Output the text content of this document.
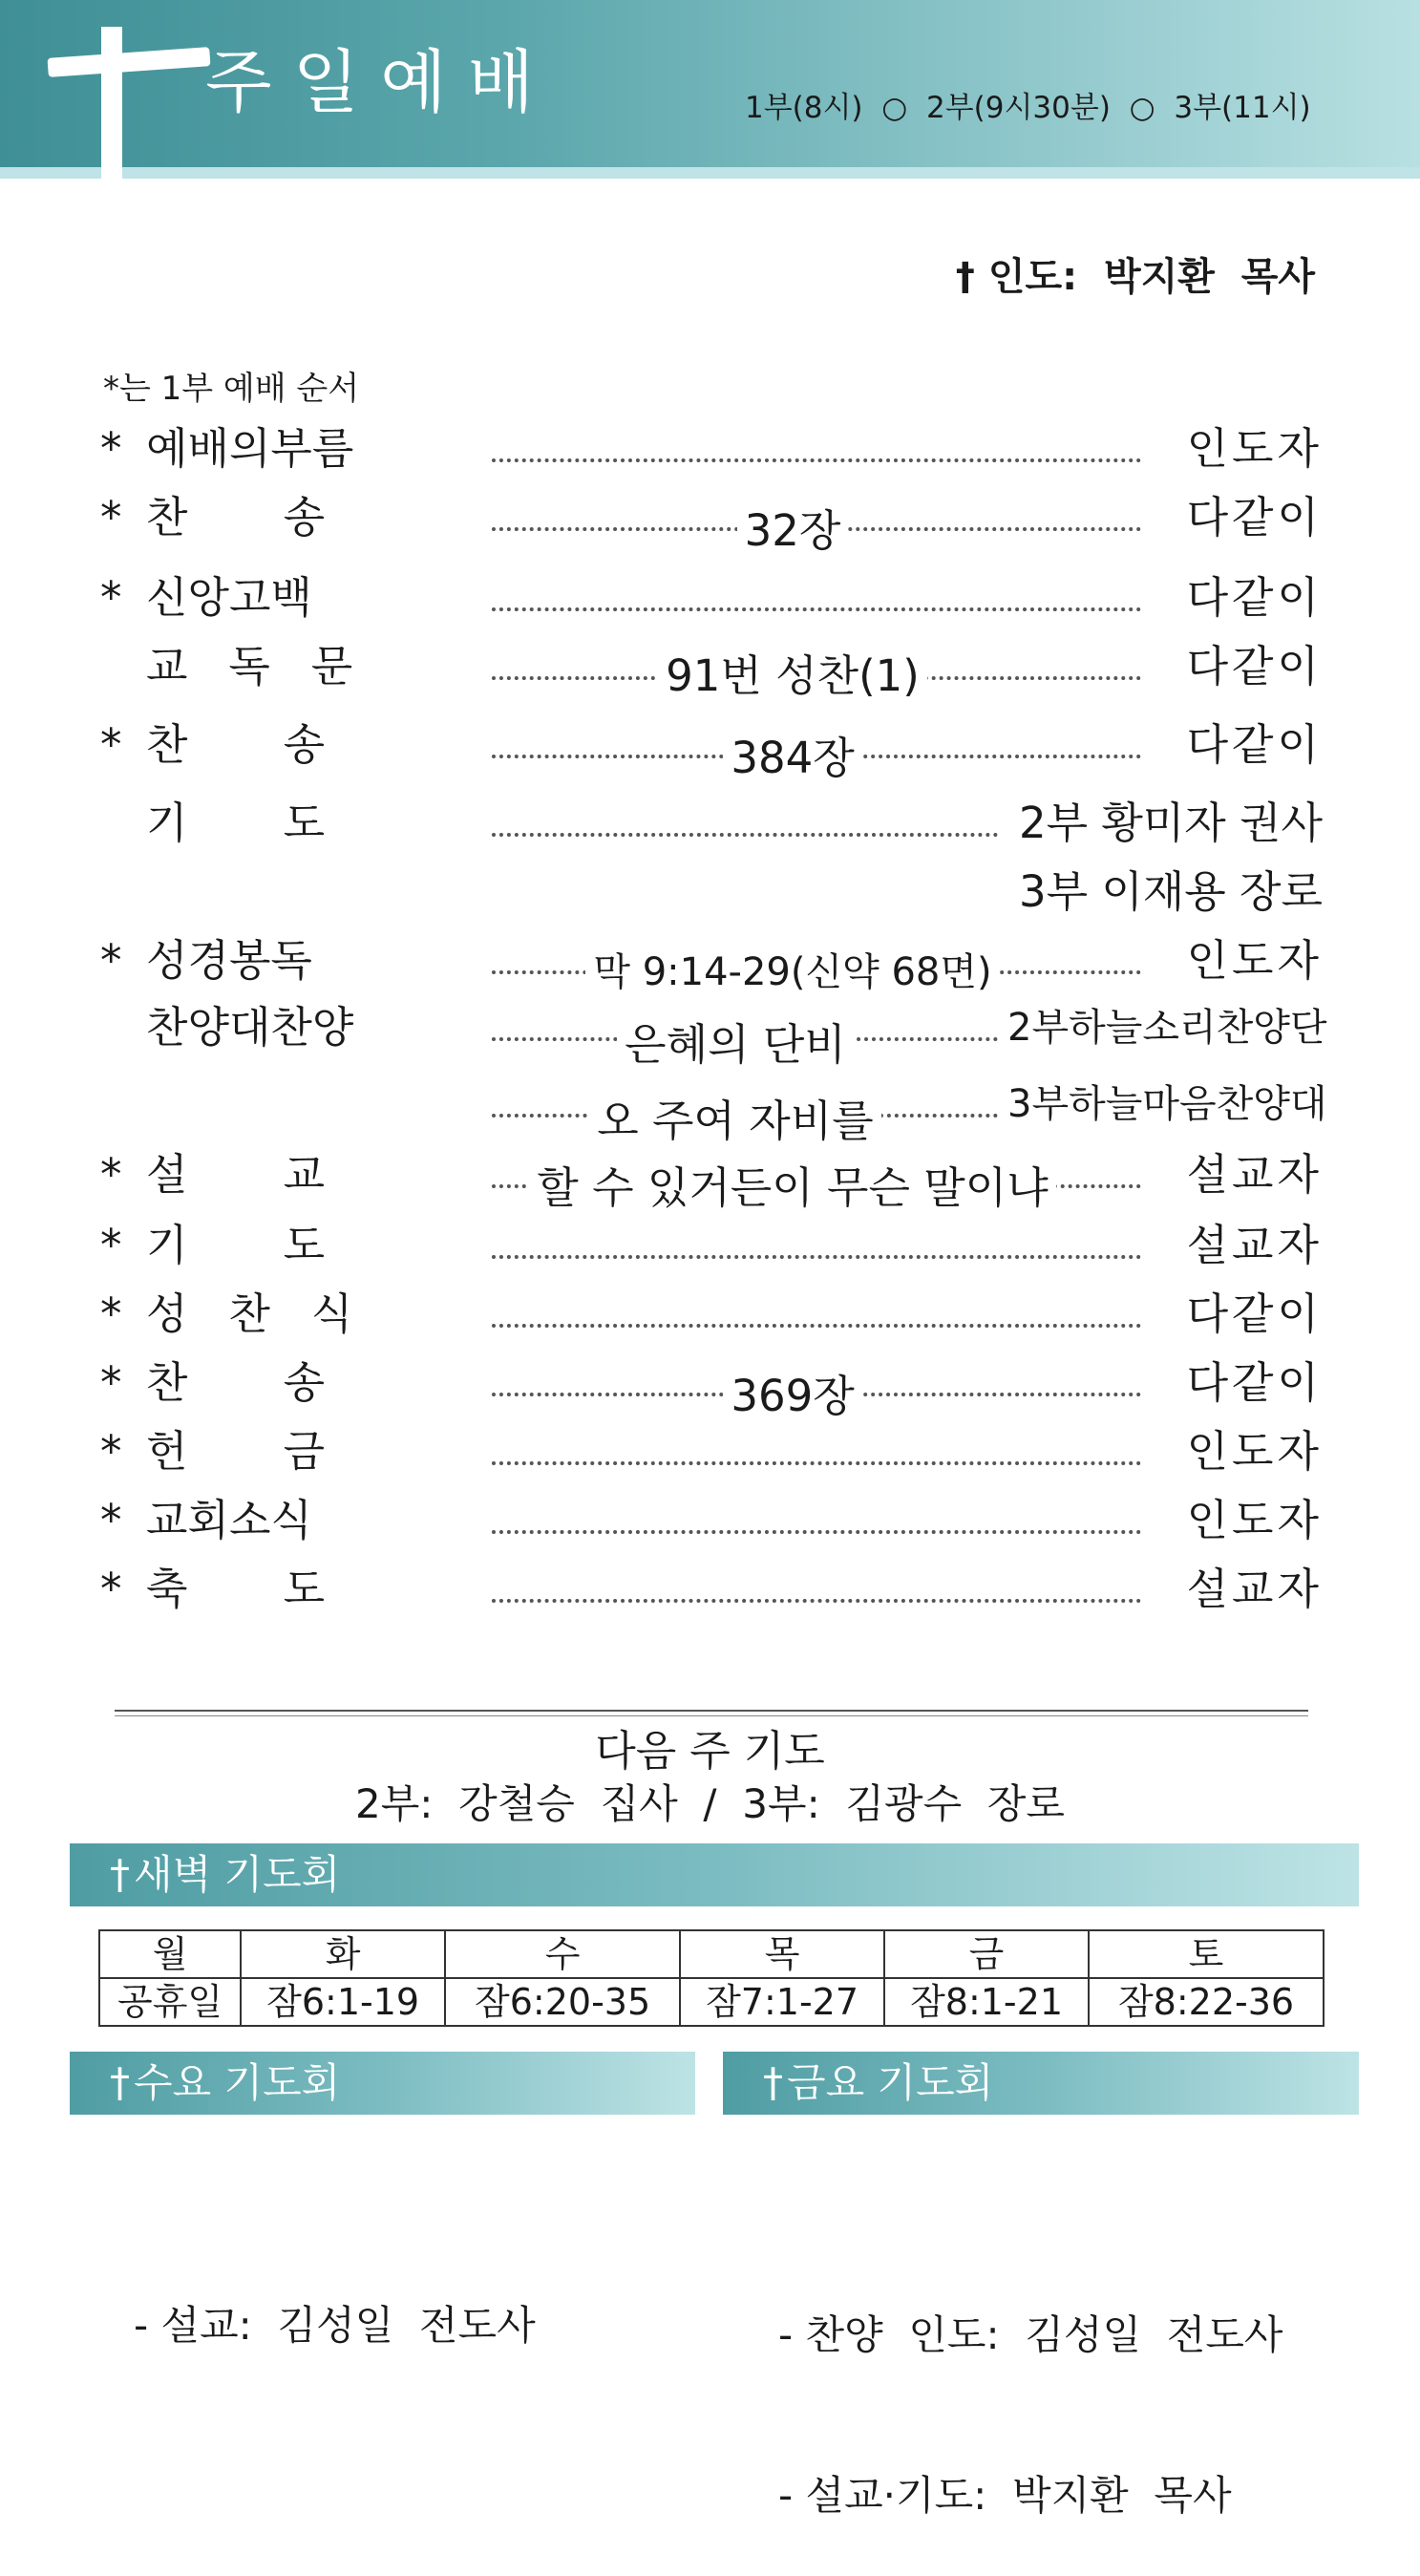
주일예배	1부(8시)  ○  2부(9시30분)  ○  3부(11시)
† 인도:  박지환  목사
*는 1부 예배 순서
* 예배의부름	인도자
* 찬       송	32장	다같이
* 신앙고백	다같이
교   독   문	91번 성찬(1)	다같이
* 찬       송	384장	다같이
기       도	2부 황미자 권사
3부 이재용 장로
* 성경봉독	막 9:14-29(신약 68면)	인도자
찬양대찬양	은혜의 단비	2부하늘소리찬양단
오 주여 자비를	3부하늘마음찬양대
* 설       교	할 수 있거든이 무슨 말이냐	설교자
* 기       도	설교자
* 성   찬   식	다같이
* 찬       송	369장	다같이
* 헌       금	인도자
* 교회소식	인도자
* 축       도	설교자
다음 주 기도
2부:  강철승  집사  /  3부:  김광수  장로
†새벽 기도회
월	화	수	목	금	토
공휴일	잠6:1-19	잠6:20-35	잠7:1-27	잠8:1-21	잠8:22-36
†수요 기도회	†금요 기도회

- 설교:  김성일  전도사

	- 찬양  인도:  김성일  전도사

- 설교·기도:  박지환  목사
